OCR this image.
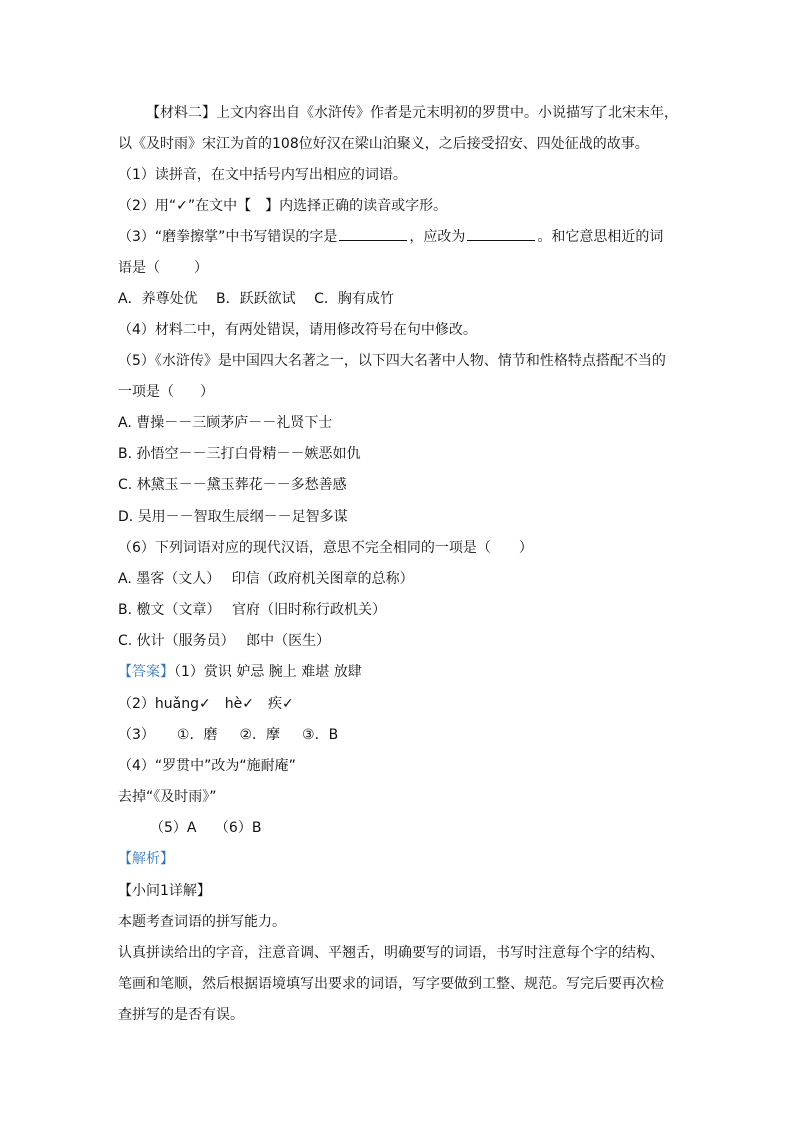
【材料二】上文内容出自《水浒传》作者是元末明初的罗贯中。小说描写了北宋末年，
以《及时雨》宋江为首的108位好汉在梁山泊聚义，之后接受招安、四处征战的故事。
（1）读拼音，在文中括号内写出相应的词语。
（2）用“✓”在文中【　】内选择正确的读音或字形。
（3）“磨拳擦掌”中书写错误的字是	，应改为	。和它意思相近的词
语是（ ）
A．养尊处优　 B．跃跃欲试　 C．胸有成竹
（4）材料二中，有两处错误，请用修改符号在句中修改。
（5）《水浒传》是中国四大名著之一，以下四大名著中人物、情节和性格特点搭配不当的
一项是（ ）
A. 曹操－－三顾茅庐－－礼贤下士
B. 孙悟空－－三打白骨精－－嫉恶如仇
C. 林黛玉－－黛玉葬花－－多愁善感
D. 吴用－－智取生辰纲－－足智多谋
（6）下列词语对应的现代汉语，意思不完全相同的一项是（　　）
A. 墨客（文人）　 印信（政府机关图章的总称）
B. 檄文（文章）　 官府（旧时称行政机关）
C. 伙计（服务员）　 郎中（医生）
【答案】（1）赏识 妒忌 腕上 难堪 放肆
（2）huǎng✓　hè✓　疾✓
（3） ①．磨 ②．摩 ③．B
（4）“罗贯中”改为“施耐庵”
去掉“《及时雨》”
（5）A　 （6）B
【解析】
【小问1详解】
本题考查词语的拼写能力。
认真拼读给出的字音，注意音调、平翘舌，明确要写的词语，书写时注意每个字的结构、
笔画和笔顺，然后根据语境填写出要求的词语，写字要做到工整、规范。写完后要再次检
查拼写的是否有误。
